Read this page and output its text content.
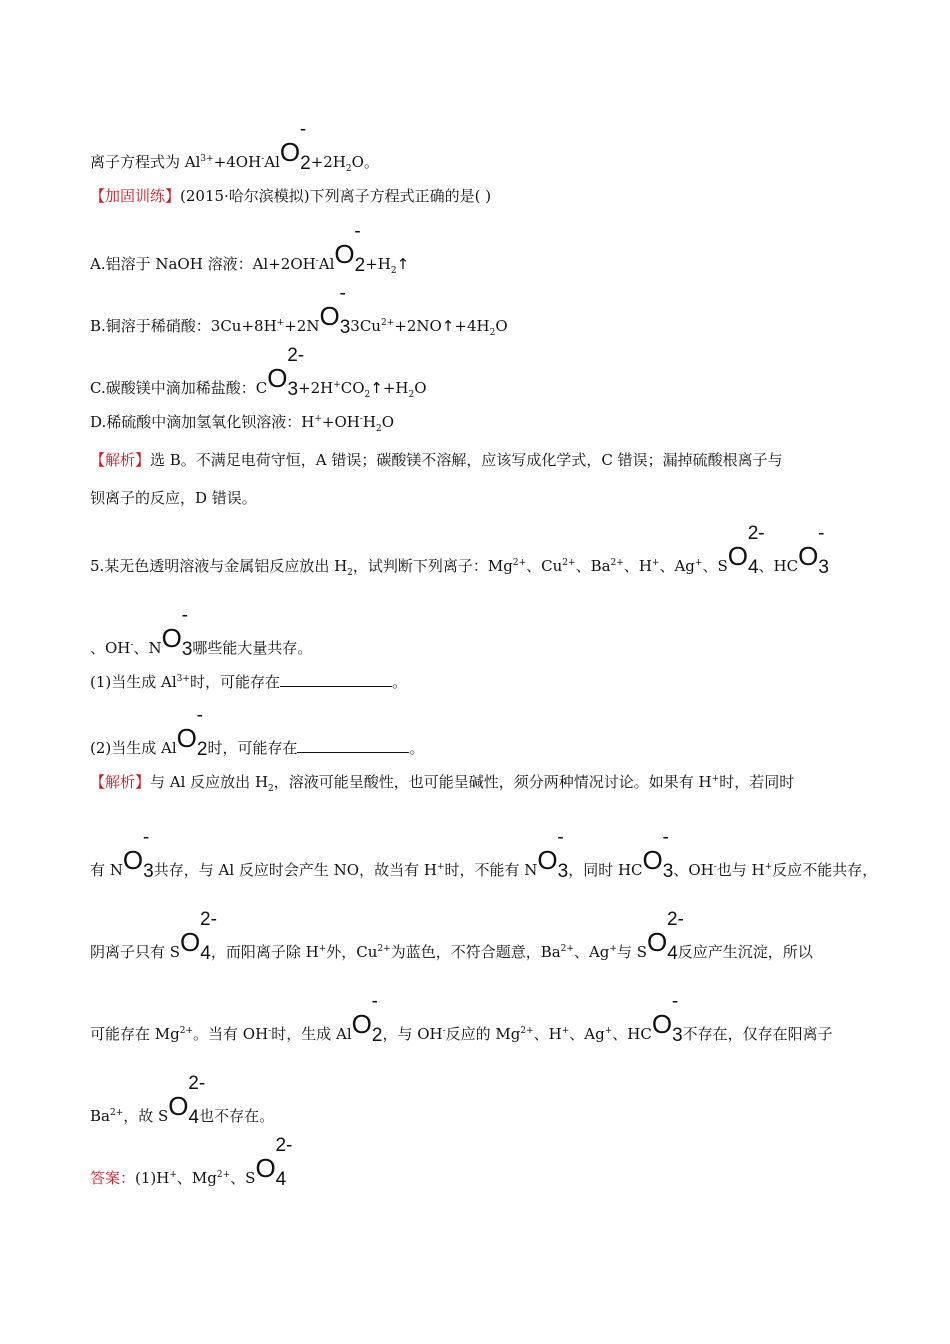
离子方程式为 $Al^{3+}+4OH^-AlO2$
-
$+2H_2O$。
【加固训练】(2015·哈尔滨模拟)下列离子方程式正确的是( )
A.铝溶于 NaOH 溶液：Al+2OH-AlO2
-
$+H_2↑$
B.铜溶于稀硝酸：3Cu+8H++2NO3
-
$3Cu^{2+}+2NO↑+4H_2O$
C.碳酸镁中滴加稀盐酸：CO3
2-
$+2H^+CO_2↑+H_2O$
D.稀硫酸中滴加氢氧化钡溶液：$H^++OH^-H_2O$
【解析】选 B。不满足电荷守恒，A 错误；碳酸镁不溶解，应该写成化学式，C 错误；漏掉硫酸根离子与
钡离子的反应，D 错误。
5.某无色透明溶液与金属铝反应放出 $H_2$，试判断下列离子：$Mg^{2+}$、$Cu^{2+}$、$Ba^{2+}$、H+、Ag+、SO4
2-
、HCO3
-
、OH-、NO3
-
哪些能大量共存。
(1)当生成 $Al^{3+}$时，可能存在	。
(2)当生成 AlO2
-
时，可能存在	。
【解析】与 Al 反应放出 $H_2$，溶液可能呈酸性，也可能呈碱性，须分两种情况讨论。如果有 H+时，若同时
有 NO3
-
共存，与 Al 反应时会产生 NO，故当有 H+时，不能有 NO3
-
，同时 HCO3
-
、OH-也与 H+反应不能共存，
阴离子只有 SO4
2-
，而阳离子除 H+外，$Cu^{2+}$为蓝色，不符合题意，$Ba^{2+}$、Ag+与 SO4
2-
反应产生沉淀，所以
可能存在 $Mg^{2+}$。当有 OH-时，生成 AlO2
-
，与 OH-反应的 $Mg^{2+}$、H+、Ag+、HCO3
-
不存在，仅存在阳离子
$Ba^{2+}$，故 SO4
2-
也不存在。
答案：(1)H+、$Mg^{2+}$、SO4
2-
